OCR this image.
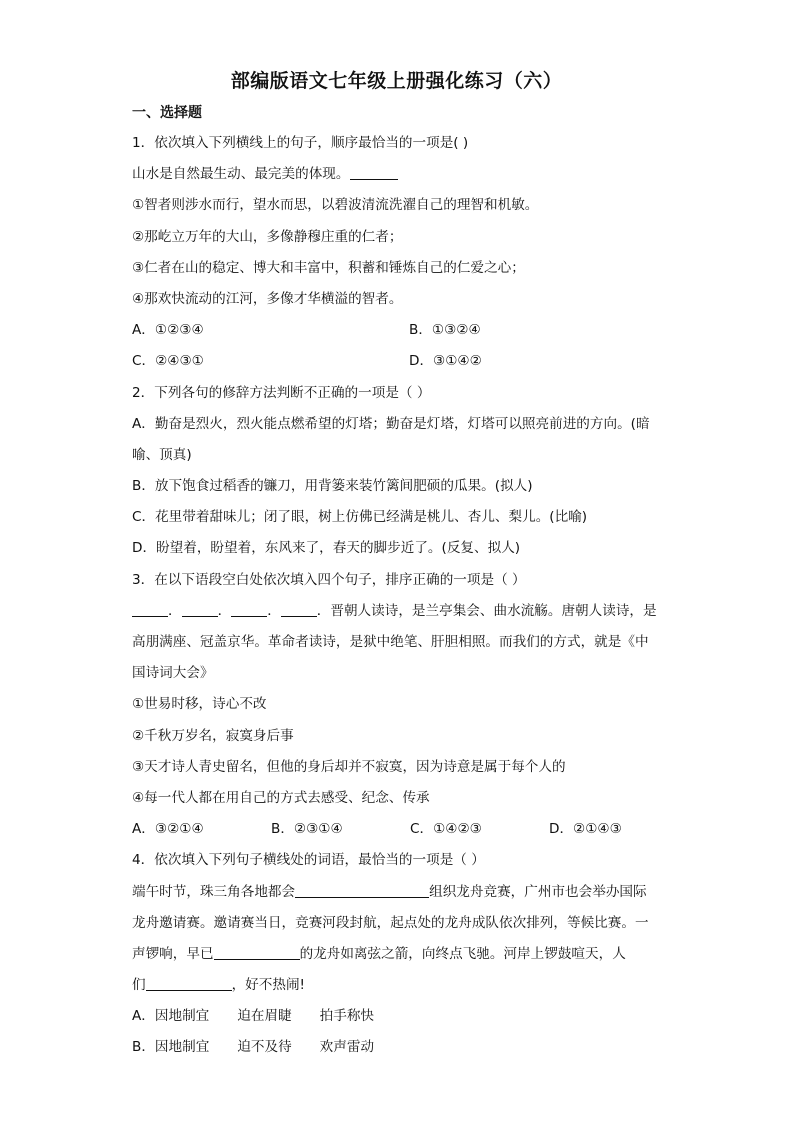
部编版语文七年级上册强化练习（六）
一、选择题
1．依次填入下列横线上的句子，顺序最恰当的一项是( )
山水是自然最生动、最完美的体现。
①智者则涉水而行，望水而思，以碧波清流洗濯自己的理智和机敏。
②那屹立万年的大山，多像静穆庄重的仁者；
③仁者在山的稳定、博大和丰富中，积蓄和锤炼自己的仁爱之心；
④那欢快流动的江河，多像才华横溢的智者。
A．①②③④	B．①③②④
C．②④③①	D．③①④②
2．下列各句的修辞方法判断不正确的一项是（ ）
A．勤奋是烈火，烈火能点燃希望的灯塔；勤奋是灯塔，灯塔可以照亮前进的方向。(暗
喻、顶真)
B．放下饱食过稻香的镰刀，用背篓来装竹篱间肥硕的瓜果。(拟人)
C．花里带着甜味儿；闭了眼，树上仿佛已经满是桃儿、杏儿、梨儿。(比喻)
D．盼望着，盼望着，东风来了，春天的脚步近了。(反复、拟人)
3．在以下语段空白处依次填入四个句子，排序正确的一项是（ ）
．	．	．	．晋朝人读诗，是兰亭集会、曲水流觞。唐朝人读诗，是
高朋满座、冠盖京华。革命者读诗，是狱中绝笔、肝胆相照。而我们的方式，就是《中
国诗词大会》
①世易时移，诗心不改
②千秋万岁名，寂寞身后事
③天才诗人青史留名，但他的身后却并不寂寞，因为诗意是属于每个人的
④每一代人都在用自己的方式去感受、纪念、传承
A．③②①④	B．②③①④	C．①④②③	D．②①④③
4．依次填入下列句子横线处的词语，最恰当的一项是（ ）
端午时节，珠三角各地都会	组织龙舟竞赛，广州市也会举办国际
龙舟邀请赛。邀请赛当日，竞赛河段封航，起点处的龙舟成队依次排列，等候比赛。一
声锣响，早已	的龙舟如离弦之箭，向终点飞驰。河岸上锣鼓喧天，人
们	，好不热闹!
A．因地制宜 迫在眉睫 拍手称快
B．因地制宜 迫不及待 欢声雷动
